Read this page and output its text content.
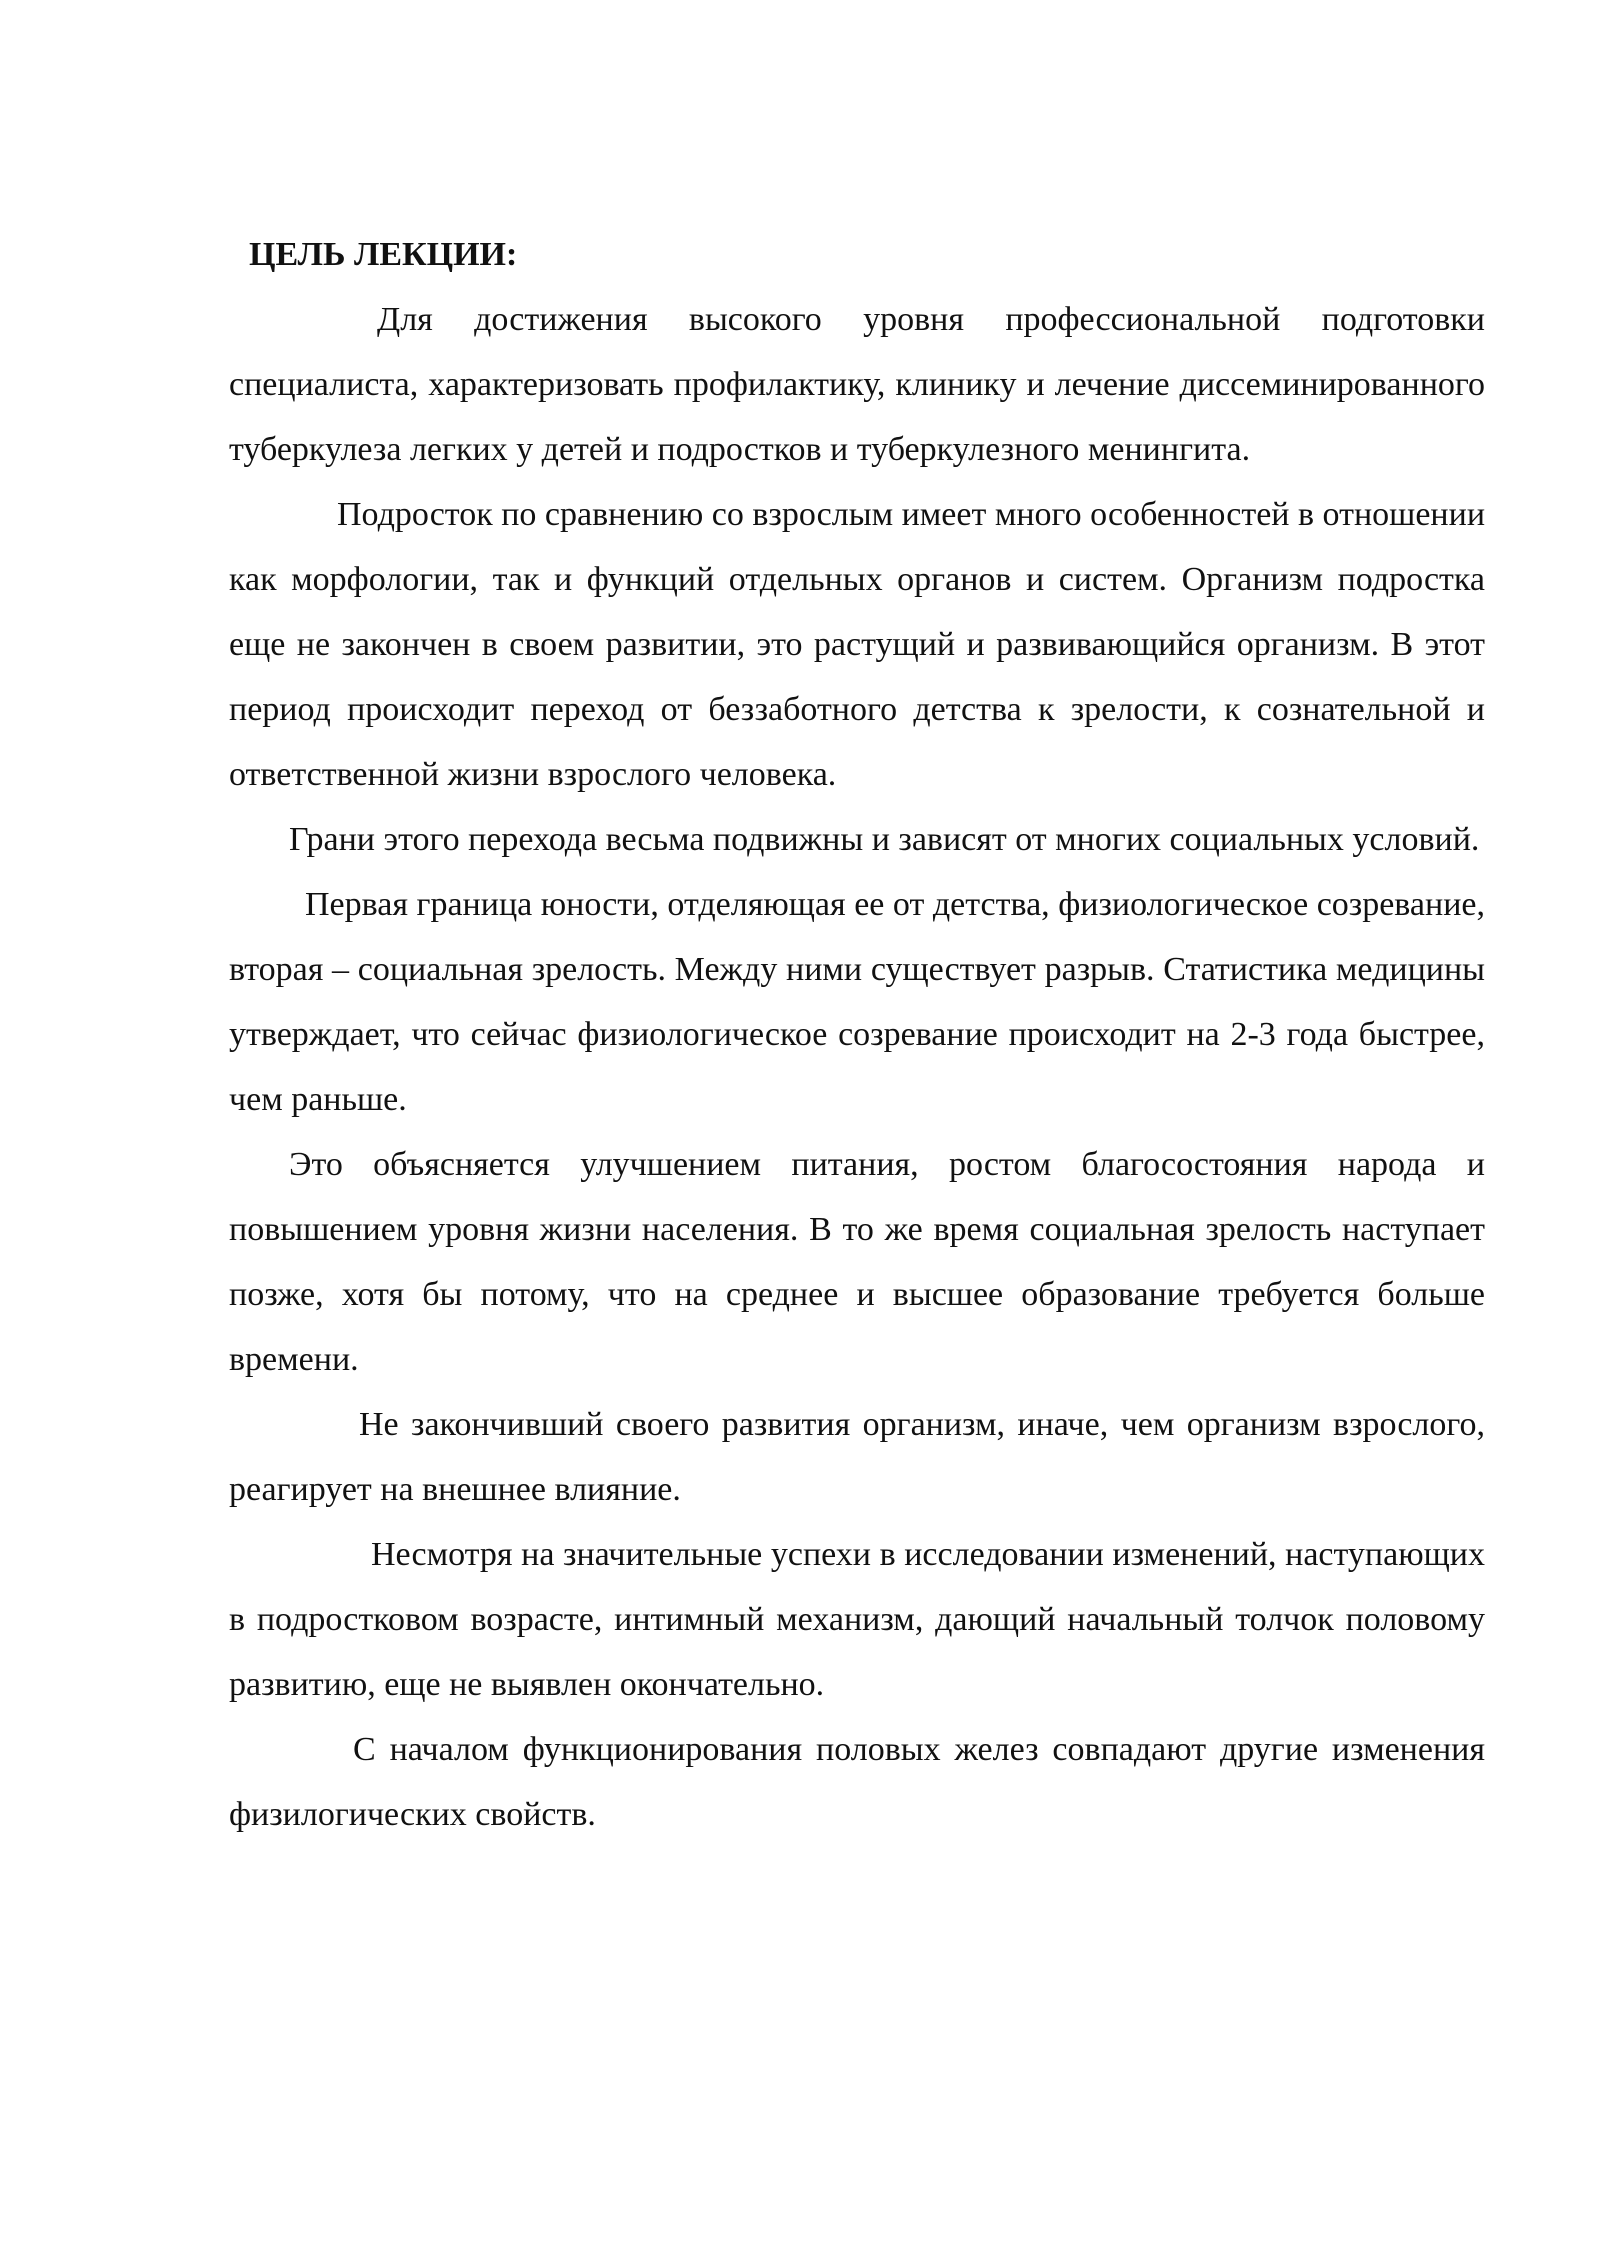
ЦЕЛЬ ЛЕКЦИИ:

Для достижения высокого уровня профессиональной подготовки специалиста, характеризовать профилактику, клинику и лечение диссеминированного туберкулеза легких у детей и подростков и туберкулезного менингита.

Подросток по сравнению со взрослым имеет много особенностей в отношении как морфологии, так и функций отдельных органов и систем. Организм подростка еще не закончен в своем развитии, это растущий и развивающийся организм. В этот период происходит переход от беззаботного детства к зрелости, к сознательной и ответственной жизни взрослого человека.

Грани этого перехода весьма подвижны и зависят от многих социальных условий.

Первая граница юности, отделяющая ее от детства, физиологическое созревание, вторая – социальная зрелость. Между ними существует разрыв. Статистика медицины утверждает, что сейчас физиологическое созревание происходит на 2-3 года быстрее, чем раньше.

Это объясняется улучшением питания, ростом благосостояния народа и повышением уровня жизни населения. В то же время социальная зрелость наступает позже, хотя бы потому, что на среднее и высшее образование требуется больше времени.

Не закончивший своего развития организм, иначе, чем организм взрослого, реагирует на внешнее влияние.

Несмотря на значительные успехи в исследовании изменений, наступающих в подростковом возрасте, интимный механизм, дающий начальный толчок половому развитию, еще не выявлен окончательно.

С началом функционирования половых желез совпадают другие изменения физилогических свойств.
